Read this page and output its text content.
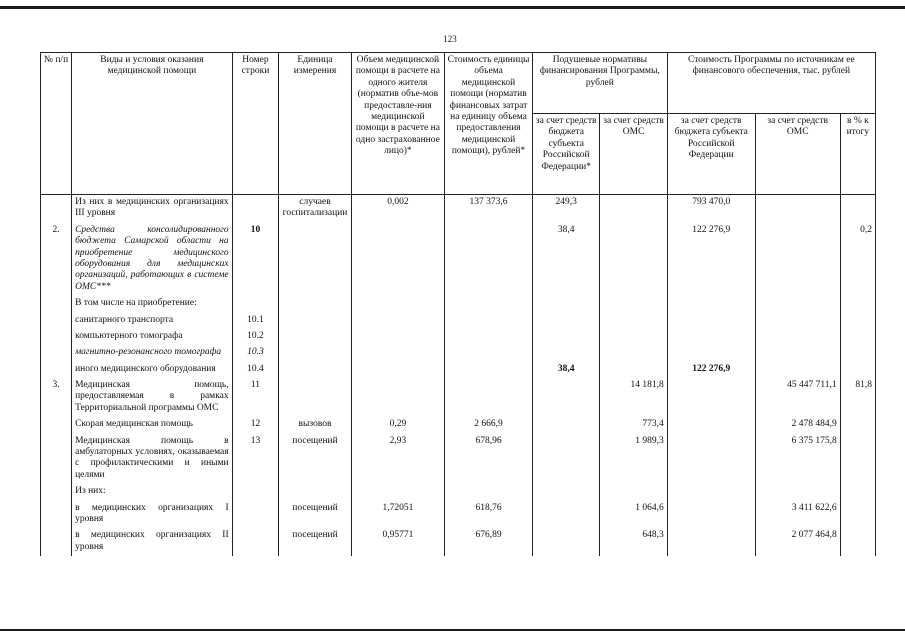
123
№ п/п	Виды и условия оказания медицинской помощи	Номер строки	Единица измерения	Объем медицинской помощи в расчете на одного жителя (норматив объе-мов предоставле-ния медицинской помощи в расчете на одно застрахованное лицо)*	Стоимость единицы объема медицинской помощи (норматив финансовых затрат на единицу объема предоставления медицинской помощи), рублей*	Подушевые нормативы финансирования Программы, рублей		Стоимость Программы по источникам ее финансового обеспечения, тыс. рублей		
						за счет средств бюджета субъекта Российской Федерации*	за счет средств ОМС	за счет средств бюджета субъекта Российской Федерации	за счет средств ОМС	в % к итогу
	Из них в медицинских организациях III уровня		случаев госпитализации	0,002	137 373,6	249,3		793 470,0		
2.	Средства консолидированного бюджета Самарской области на приобретение медицинского оборудования для медицинских организаций, работающих в системе ОМС***	10				38,4		122 276,9		0,2
	В том числе на приобретение:									
	санитарного транспорта	10.1								
	компьютерного томографа	10.2								
	магнитно-резонансного томографа	10.3								
	иного медицинского оборудования	10.4				38,4		122 276,9		
3.	Медицинская помощь, предоставляемая в рамках Территориальной программы ОМС	11					14 181,8		45 447 711,1	81,8
	Скорая медицинская помощь	12	вызовов	0,29	2 666,9		773,4		2 478 484,9	
	Медицинская помощь в амбулаторных условиях, оказываемая с профилактическими и иными целями	13	посещений	2,93	678,96		1 989,3		6 375 175,8	
	Из них:									
	в медицинских организациях I уровня		посещений	1,72051	618,76		1 064,6		3 411 622,6	
	в медицинских организациях II уровня		посещений	0,95771	676,89		648,3		2 077 464,8	
